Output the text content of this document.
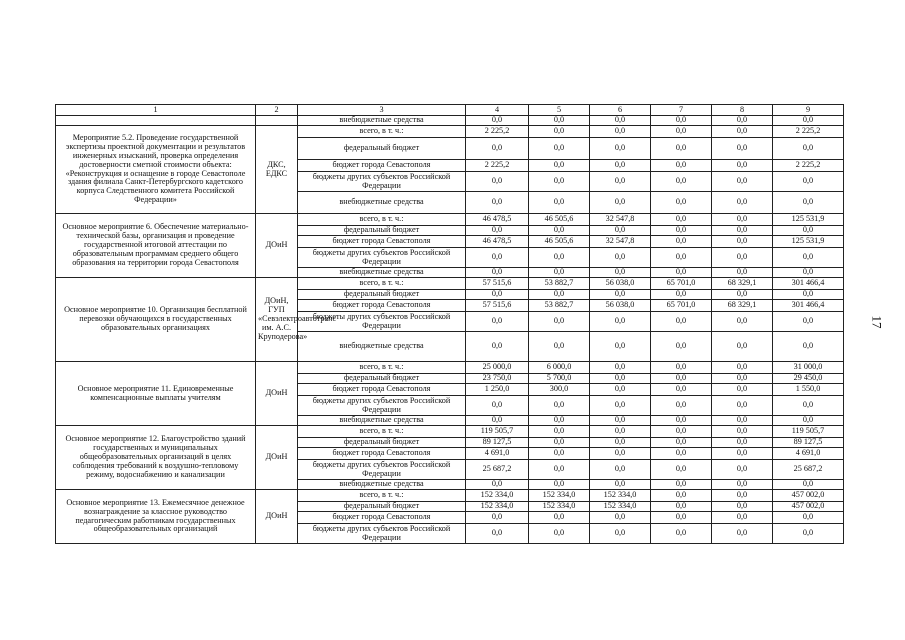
1	2	3	4	5	6	7	8	9
		внебюджетные средства	0,0	0,0	0,0	0,0	0,0	0,0
Мероприятие 5.2. Проведение государственной экспертизы проектной документации и результатов инженерных изысканий, проверка определения достоверности сметной стоимости объекта: «Реконструкция и оснащение в городе Севастополе здания филиала Санкт-Петербургского кадетского корпуса Следственного комитета Российской Федерации»	ДКС, ЕДКС	всего, в т. ч.:	2 225,2	0,0	0,0	0,0	0,0	2 225,2
		федеральный бюджет	0,0	0,0	0,0	0,0	0,0	0,0
		бюджет города Севастополя	2 225,2	0,0	0,0	0,0	0,0	2 225,2
		бюджеты других субъектов Российской Федерации	0,0	0,0	0,0	0,0	0,0	0,0
		внебюджетные средства	0,0	0,0	0,0	0,0	0,0	0,0
Основное мероприятие 6. Обеспечение материально-технической базы, организация и проведение государственной итоговой аттестации по образовательным программам среднего общего образования на территории города Севастополя	ДОиН	всего, в т. ч.:	46 478,5	46 505,6	32 547,8	0,0	0,0	125 531,9
		федеральный бюджет	0,0	0,0	0,0	0,0	0,0	0,0
		бюджет города Севастополя	46 478,5	46 505,6	32 547,8	0,0	0,0	125 531,9
		бюджеты других субъектов Российской Федерации	0,0	0,0	0,0	0,0	0,0	0,0
		внебюджетные средства	0,0	0,0	0,0	0,0	0,0	0,0
Основное мероприятие 10. Организация бесплатной перевозки обучающихся в государственных образовательных организациях	ДОиН, ГУП «Севэлектроавтотранс им. А.С. Круподерова»	всего, в т. ч.:	57 515,6	53 882,7	56 038,0	65 701,0	68 329,1	301 466,4
		федеральный бюджет	0,0	0,0	0,0	0,0	0,0	0,0
		бюджет города Севастополя	57 515,6	53 882,7	56 038,0	65 701,0	68 329,1	301 466,4
		бюджеты других субъектов Российской Федерации	0,0	0,0	0,0	0,0	0,0	0,0
		внебюджетные средства	0,0	0,0	0,0	0,0	0,0	0,0
Основное мероприятие 11. Единовременные компенсационные выплаты учителям	ДОиН	всего, в т. ч.:	25 000,0	6 000,0	0,0	0,0	0,0	31 000,0
		федеральный бюджет	23 750,0	5 700,0	0,0	0,0	0,0	29 450,0
		бюджет города Севастополя	1 250,0	300,0	0,0	0,0	0,0	1 550,0
		бюджеты других субъектов Российской Федерации	0,0	0,0	0,0	0,0	0,0	0,0
		внебюджетные средства	0,0	0,0	0,0	0,0	0,0	0,0
Основное мероприятие 12. Благоустройство зданий государственных и муниципальных общеобразовательных организаций в целях соблюдения требований к воздушно-тепловому режиму, водоснабжению и канализации	ДОиН	всего, в т. ч.:	119 505,7	0,0	0,0	0,0	0,0	119 505,7
		федеральный бюджет	89 127,5	0,0	0,0	0,0	0,0	89 127,5
		бюджет города Севастополя	4 691,0	0,0	0,0	0,0	0,0	4 691,0
		бюджеты других субъектов Российской Федерации	25 687,2	0,0	0,0	0,0	0,0	25 687,2
		внебюджетные средства	0,0	0,0	0,0	0,0	0,0	0,0
Основное мероприятие 13. Ежемесячное денежное вознаграждение за классное руководство педагогическим работникам государственных общеобразовательных организаций	ДОиН	всего, в т. ч.:	152 334,0	152 334,0	152 334,0	0,0	0,0	457 002,0
		федеральный бюджет	152 334,0	152 334,0	152 334,0	0,0	0,0	457 002,0
		бюджет города Севастополя	0,0	0,0	0,0	0,0	0,0	0,0
		бюджеты других субъектов Российской Федерации	0,0	0,0	0,0	0,0	0,0	0,0
17
